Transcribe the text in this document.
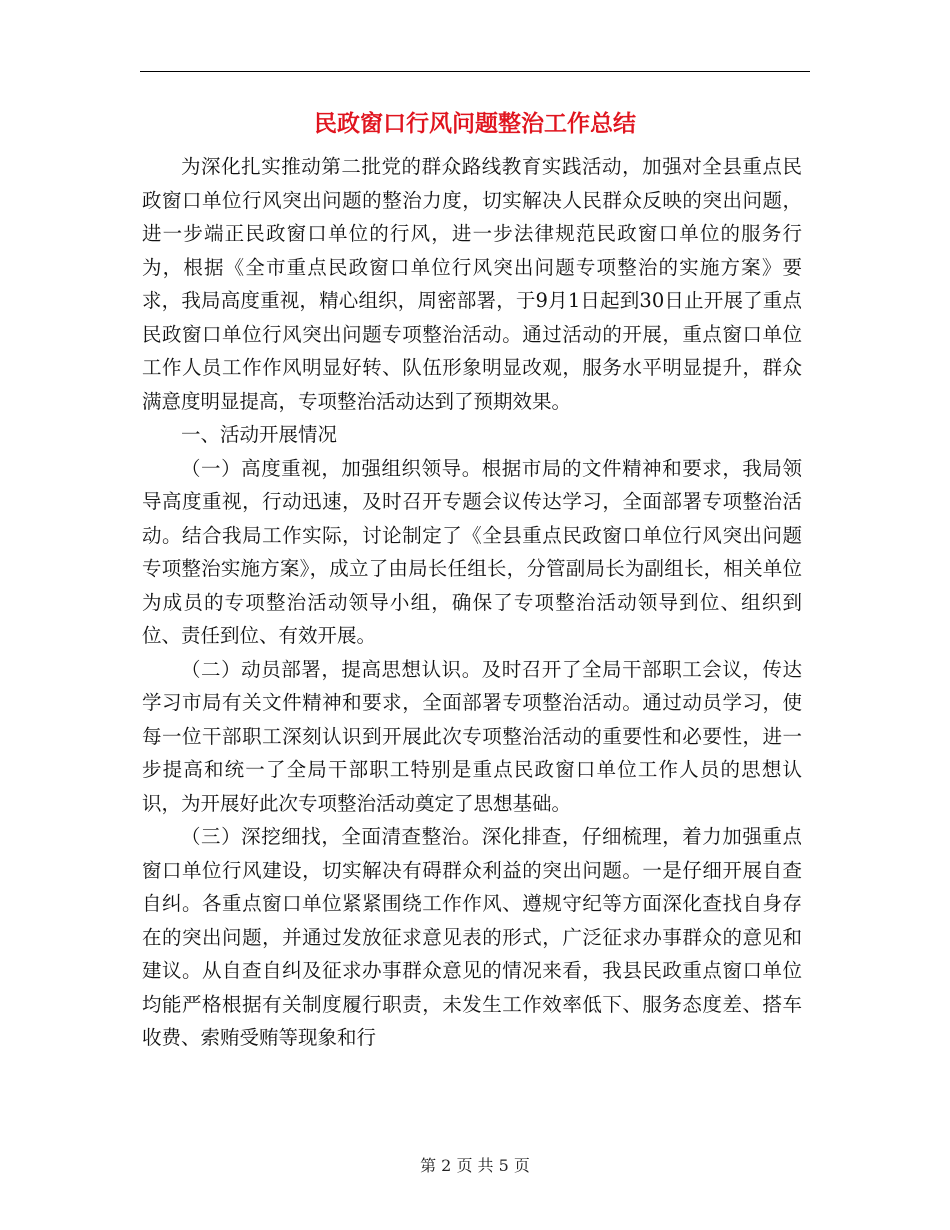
民政窗口行风问题整治工作总结

为深化扎实推动第二批党的群众路线教育实践活动，加强对全县重点民政窗口单位行风突出问题的整治力度，切实解决人民群众反映的突出问题，进一步端正民政窗口单位的行风，进一步法律规范民政窗口单位的服务行为，根据《全市重点民政窗口单位行风突出问题专项整治的实施方案》要求，我局高度重视，精心组织，周密部署，于9月1日起到30日止开展了重点民政窗口单位行风突出问题专项整治活动。通过活动的开展，重点窗口单位工作人员工作作风明显好转、队伍形象明显改观，服务水平明显提升，群众满意度明显提高，专项整治活动达到了预期效果。

一、活动开展情况

（一）高度重视，加强组织领导。根据市局的文件精神和要求，我局领导高度重视，行动迅速，及时召开专题会议传达学习，全面部署专项整治活动。结合我局工作实际，讨论制定了《全县重点民政窗口单位行风突出问题专项整治实施方案》，成立了由局长任组长，分管副局长为副组长，相关单位为成员的专项整治活动领导小组，确保了专项整治活动领导到位、组织到位、责任到位、有效开展。

（二）动员部署，提高思想认识。及时召开了全局干部职工会议，传达学习市局有关文件精神和要求，全面部署专项整治活动。通过动员学习，使每一位干部职工深刻认识到开展此次专项整治活动的重要性和必要性，进一步提高和统一了全局干部职工特别是重点民政窗口单位工作人员的思想认识，为开展好此次专项整治活动奠定了思想基础。

（三）深挖细找，全面清查整治。深化排查，仔细梳理，着力加强重点窗口单位行风建设，切实解决有碍群众利益的突出问题。一是仔细开展自查自纠。各重点窗口单位紧紧围绕工作作风、遵规守纪等方面深化查找自身存在的突出问题，并通过发放征求意见表的形式，广泛征求办事群众的意见和建议。从自查自纠及征求办事群众意见的情况来看，我县民政重点窗口单位均能严格根据有关制度履行职责，未发生工作效率低下、服务态度差、搭车收费、索贿受贿等现象和行

第 2 页 共 5 页
